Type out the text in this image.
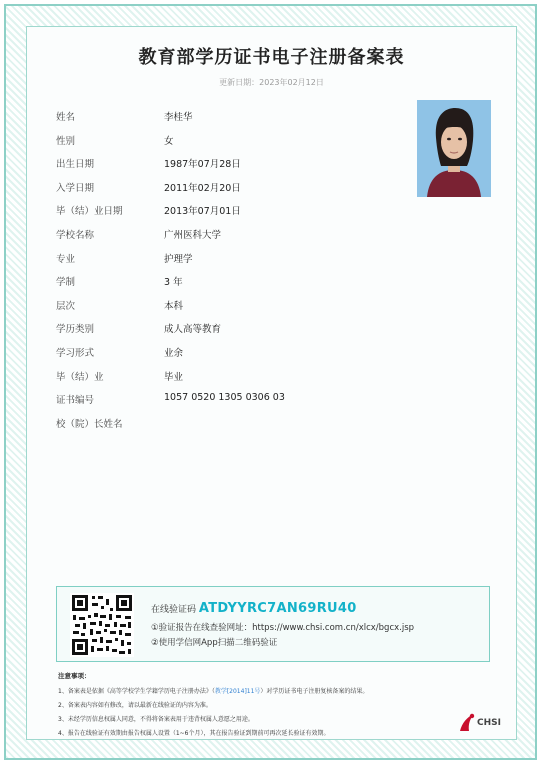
教育部学历证书电子注册备案表
更新日期：2023年02月12日
姓名	李桂华
性别	女
出生日期	1987年07月28日
入学日期	2011年02月20日
毕（结）业日期	2013年07月01日
学校名称	广州医科大学
专业	护理学
学制	3 年
层次	本科
学历类别	成人高等教育
学习形式	业余
毕（结）业	毕业
证书编号	1057 0520 1305 0306 03
校（院）长姓名
在线验证码 ATDYYRC7AN69RU40
①验证报告在线查验网址：https://www.chsi.com.cn/xlcx/bgcx.jsp
②使用学信网App扫描二维码验证
注意事项：
1、备案表是依据《高等学校学生学籍学历电子注册办法》（教学[2014]11号）对学历证书电子注册复核备案的结果。
2、备案表内容如有修改，请以最新在线验证的内容为准。
3、未经学历信息权属人同意，不得将备案表用于违背权属人意愿之用途。
4、报告在线验证有效期由报告权属人设置（1~6个月），其在报告验证到期前可再次延长验证有效期。
CHSI
